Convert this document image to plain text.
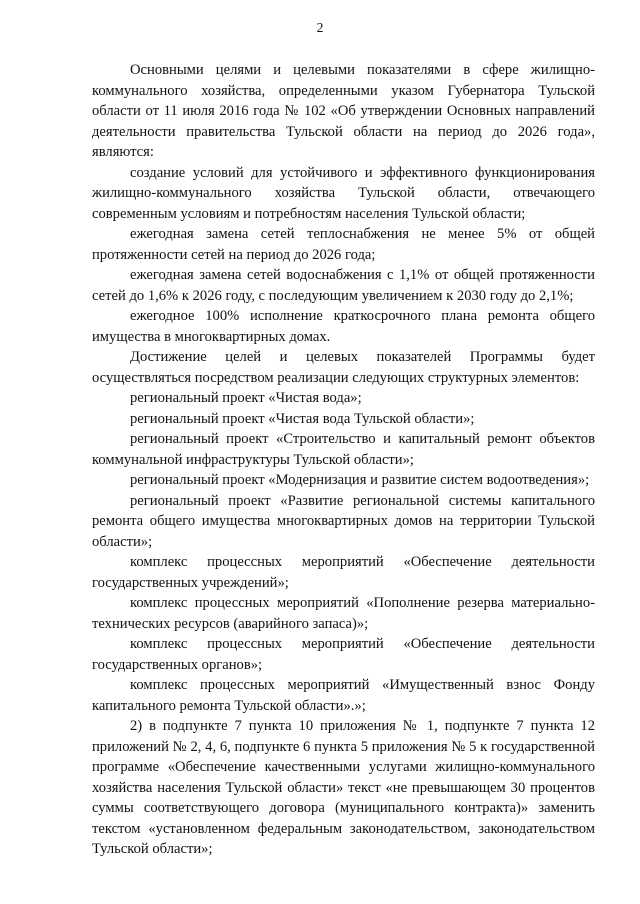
2

Основными целями и целевыми показателями в сфере жилищно-коммунального хозяйства, определенными указом Губернатора Тульской области от 11 июля 2016 года № 102 «Об утверждении Основных направлений деятельности правительства Тульской области на период до 2026 года», являются:

создание условий для устойчивого и эффективного функционирования жилищно-коммунального хозяйства Тульской области, отвечающего современным условиям и потребностям населения Тульской области;

ежегодная замена сетей теплоснабжения не менее 5% от общей протяженности сетей на период до 2026 года;

ежегодная замена сетей водоснабжения с 1,1% от общей протяженности сетей до 1,6% к 2026 году, с последующим увеличением к 2030 году до 2,1%;

ежегодное 100% исполнение краткосрочного плана ремонта общего имущества в многоквартирных домах.

Достижение целей и целевых показателей Программы будет осуществляться посредством реализации следующих структурных элементов:

региональный проект «Чистая вода»;

региональный проект «Чистая вода Тульской области»;

региональный проект «Строительство и капитальный ремонт объектов коммунальной инфраструктуры Тульской области»;

региональный проект «Модернизация и развитие систем водоотведения»;

региональный проект «Развитие региональной системы капитального ремонта общего имущества многоквартирных домов на территории Тульской области»;

комплекс процессных мероприятий «Обеспечение деятельности государственных учреждений»;

комплекс процессных мероприятий «Пополнение резерва материально-технических ресурсов (аварийного запаса)»;

комплекс процессных мероприятий «Обеспечение деятельности государственных органов»;

комплекс процессных мероприятий «Имущественный взнос Фонду капитального ремонта Тульской области».»;

2) в подпункте 7 пункта 10 приложения № 1, подпункте 7 пункта 12 приложений № 2, 4, 6, подпункте 6 пункта 5 приложения № 5 к государственной программе «Обеспечение качественными услугами жилищно-коммунального хозяйства населения Тульской области» текст «не превышающем 30 процентов суммы соответствующего договора (муниципального контракта)» заменить текстом «установленном федеральным законодательством, законодательством Тульской области»;
